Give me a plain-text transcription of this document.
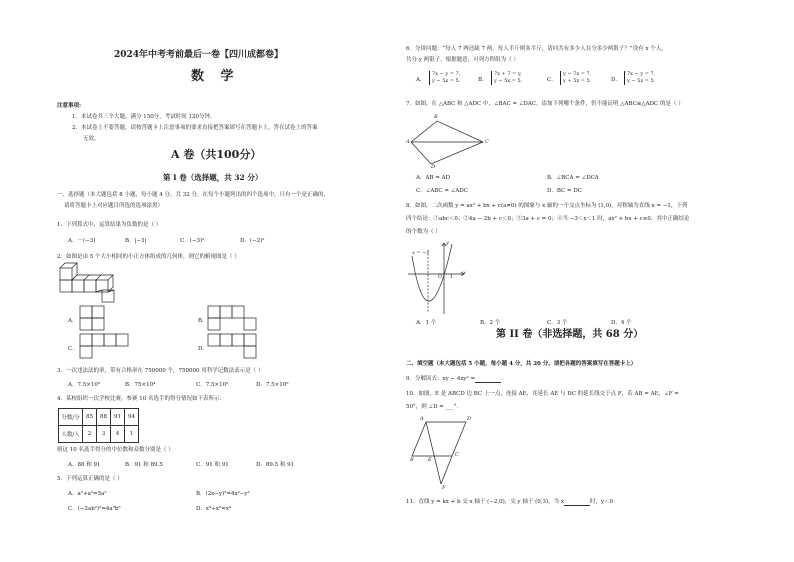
2024年中考考前最后一卷【四川成都卷】
数 学
注意事项:
1．本试卷共三个大题，满分 150分，考试时间 120分钟。
2．本试卷上不要答题，请按答题卡上注意事项的要求直接把答案填写在答题卡上，答在试卷上的答案
无效。
A 卷（共100分）
第 I 卷（选择题，共 32 分）
一、选择题（本大题包括 8 小题，每小题 4 分，共 32 分。在每个小题列出的四个选项中，只有一个是正确的，
请将答题卡上对应题目所选的选项涂黑）
1．下列算式中，运算结果为负数的是（ ）
A．－(−3)	B．|−3|	C．(−3)²	D．(−2)²
2．如图是由 5 个大小相同的小正方体组成的几何体，则它的俯视图是（ ）
A．	B．
C．	D．
3．一次违法法的率，带有合格率在 750000 个，750000 用科学记数法表示是（ ）
A．7.5×10³	B．75×10⁴	C．7.5×10⁵	D．7.5×10⁶
4．某校组织一次学校比赛，参赛 10 名选手的得分情况如下表所示：
分数/分	85	88	91	94
人数/人	2	3	4	1
则这 10 名选手得分的中位数和众数分别是（ ）
A．88 和 91	B．91 和 89.5	C．91 和 91	D．89.5 和 91
5．下列运算正确的是（ ）
A．a²+a³=5a⁵	B．(2x−y)²=4x²−y²
C．(−2ab²)³=4a³b⁶	D．x⁶÷x²=x⁴
6．分饼问题：“每人 7 两还缺 7 两，每人半斤则多半斤，请问共有多少人在分多少两银子？”设有 x 个人，
共分 y 两银子，根据题意，可列方程组为（ ）
A．
7x − y = 7,
y − 5x = 5.	B．
7x + 7 = y,
y − 5x = 5.	C．
y − 7x = 7,
y + 5x = 5.	D．
7x − y = 7,
y − 5x = 5.
7．如图，在 △ABC 和 △ADC 中，∠BAC = ∠DAC，添加下列哪个条件，仍不能证明 △ABC≌△ADC 的是（ ）
B
A	C
D
A．AB = AD	B．∠BCA = ∠DCA
C．∠ABC = ∠ADC	D．BC = DC
8．如图，二次函数 y = ax² + bx + c(a≠0) 的图象与 x 轴的一个交点坐标为 (1,0)，对称轴为直线 x = −1，下列
四个结论：①abc＜0；②4a − 2b + c＜0；③3a + c = 0；④当 −3＜x＜1 时，ax² + bx + c≤0．其中正确结论
的个数为（ ）
y
x = −1
O 1
x
A．1 个	B．2 个	C．3 个	D．4 个
第 II 卷（非选择题，共 68 分）
二、填空题（本大题包括 5 小题，每小题 4 分，共 20 分。请把各题的答案填写在答题卡上）
9．分解因式：xy − 4xy² =	．
10．如图，E 是 ABCD 边 BC 上一点，连接 AE，并延长 AE 与 DC 的延长线交于点 F，若 AB = AE，∠F =
50°，则 ∠D = ___°．
A	D
B	E
C
F
11．直线 y = kx + b 交 x 轴于 (−2,0)，交 y 轴于 (0,3)，当 x	时，y＜0
